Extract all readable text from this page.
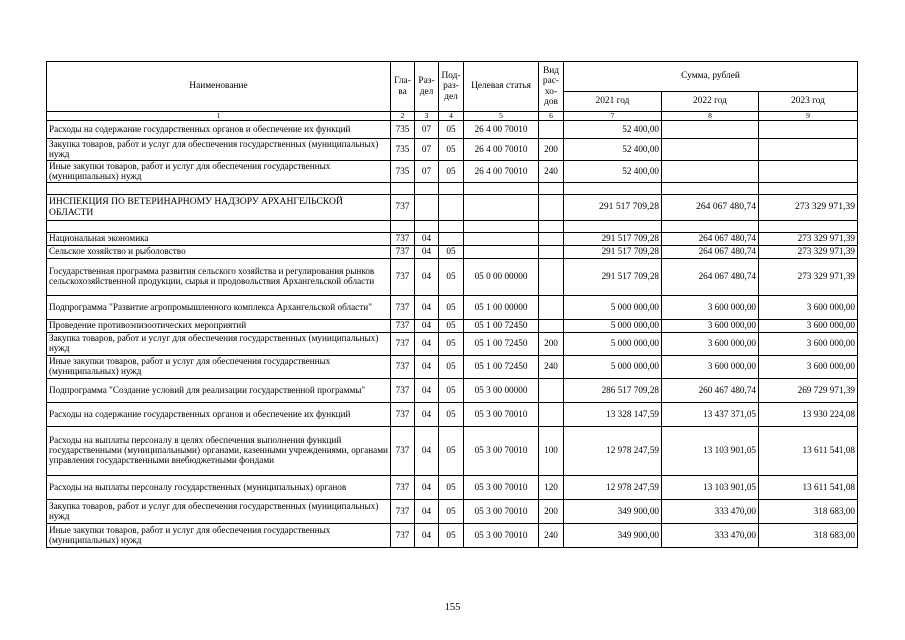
Наименование	Гла-ва	Раз-дел	Под-раз-дел	Целевая статья	Вид рас-хо-дов	Сумма, рублей		
						2021 год	2022 год	2023 год
1	2	3	4	5	6	7	8	9
Расходы на содержание государственных органов и обеспечение их функций	735	07	05	26 4 00 70010		52 400,00		
Закупка товаров, работ и услуг для обеспечения государственных (муниципальных) нужд	735	07	05	26 4 00 70010	200	52 400,00		
Иные закупки товаров, работ и услуг для обеспечения государственных (муниципальных) нужд	735	07	05	26 4 00 70010	240	52 400,00		

ИНСПЕКЦИЯ ПО ВЕТЕРИНАРНОМУ НАДЗОРУ АРХАНГЕЛЬСКОЙ ОБЛАСТИ	737					291 517 709,28	264 067 480,74	273 329 971,39

Национальная экономика	737	04				291 517 709,28	264 067 480,74	273 329 971,39
Сельское хозяйство и рыболовство	737	04	05			291 517 709,28	264 067 480,74	273 329 971,39
Государственная программа развития сельского хозяйства и регулирования рынков сельскохозяйственной продукции, сырья и продовольствия Архангельской области	737	04	05	05 0 00 00000		291 517 709,28	264 067 480,74	273 329 971,39
Подпрограмма "Развитие агропромышленного комплекса Архангельской области"	737	04	05	05 1 00 00000		5 000 000,00	3 600 000,00	3 600 000,00
Проведение противоэпизоотических мероприятий	737	04	05	05 1 00 72450		5 000 000,00	3 600 000,00	3 600 000,00
Закупка товаров, работ и услуг для обеспечения государственных (муниципальных) нужд	737	04	05	05 1 00 72450	200	5 000 000,00	3 600 000,00	3 600 000,00
Иные закупки товаров, работ и услуг для обеспечения государственных (муниципальных) нужд	737	04	05	05 1 00 72450	240	5 000 000,00	3 600 000,00	3 600 000,00
Подпрограмма "Создание условий для реализации государственной программы"	737	04	05	05 3 00 00000		286 517 709,28	260 467 480,74	269 729 971,39
Расходы на содержание государственных органов и обеспечение их функций	737	04	05	05 3 00 70010		13 328 147,59	13 437 371,05	13 930 224,08
Расходы на выплаты персоналу в целях обеспечения выполнения функций государственными (муниципальными) органами, казенными учреждениями, органами управления государственными внебюджетными фондами	737	04	05	05 3 00 70010	100	12 978 247,59	13 103 901,05	13 611 541,08
Расходы на выплаты персоналу государственных (муниципальных) органов	737	04	05	05 3 00 70010	120	12 978 247,59	13 103 901,05	13 611 541,08
Закупка товаров, работ и услуг для обеспечения государственных (муниципальных) нужд	737	04	05	05 3 00 70010	200	349 900,00	333 470,00	318 683,00
Иные закупки товаров, работ и услуг для обеспечения государственных (муниципальных) нужд	737	04	05	05 3 00 70010	240	349 900,00	333 470,00	318 683,00
155
